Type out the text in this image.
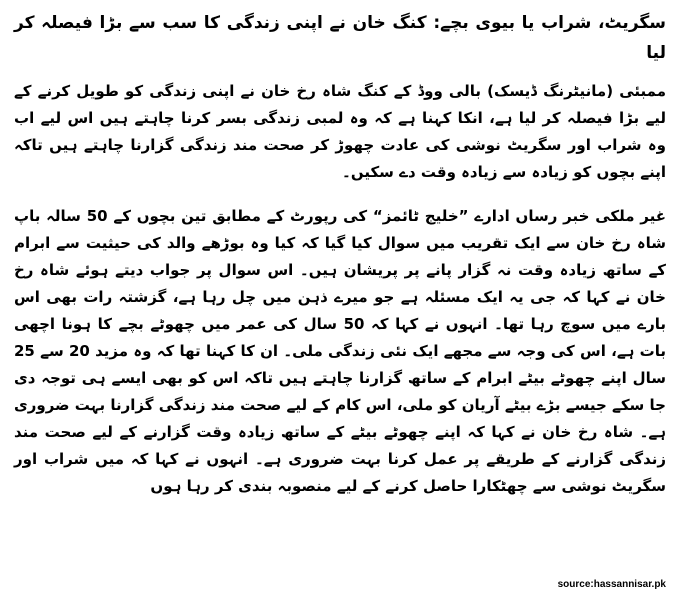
سگریٹ، شراب یا بیوی بچے: کنگ خان نے اپنی زندگی کا سب سے بڑا فیصلہ کر لیا

ممبئی (مانیٹرنگ ڈیسک) بالی ووڈ کے کنگ شاہ رخ خان نے اپنی زندگی کو طویل کرنے کے لیے بڑا فیصلہ کر لیا ہے، انکا کہنا ہے کہ وہ لمبی زندگی بسر کرنا چاہتے ہیں اس لیے اب وہ شراب اور سگریٹ نوشی کی عادت چھوڑ کر صحت مند زندگی گزارنا چاہتے ہیں تاکہ اپنے بچوں کو زیادہ سے زیادہ وقت دے سکیں۔

غیر ملکی خبر رساں ادارے ”خلیج ٹائمز“ کی رپورٹ کے مطابق تین بچوں کے 50 سالہ باپ شاہ رخ خان سے ایک تقریب میں سوال کیا گیا کہ کیا وہ بوڑھے والد کی حیثیت سے ابرام کے ساتھ زیادہ وقت نہ گزار پانے پر پریشان ہیں۔ اس سوال پر جواب دیتے ہوئے شاہ رخ خان نے کہا کہ جی یہ ایک مسئلہ ہے جو میرے ذہن میں چل رہا ہے، گزشتہ رات بھی اس بارے میں سوچ رہا تھا۔ انہوں نے کہا کہ 50 سال کی عمر میں چھوٹے بچے کا ہونا اچھی بات ہے، اس کی وجہ سے مجھے ایک نئی زندگی ملی۔ ان کا کہنا تھا کہ وہ مزید 20 سے 25 سال اپنے چھوٹے بیٹے ابرام کے ساتھ گزارنا چاہتے ہیں تاکہ اس کو بھی ایسے ہی توجہ دی جا سکے جیسے بڑے بیٹے آریان کو ملی، اس کام کے لیے صحت مند زندگی گزارنا بہت ضروری ہے۔ شاہ رخ خان نے کہا کہ اپنے چھوٹے بیٹے کے ساتھ زیادہ وقت گزارنے کے لیے صحت مند زندگی گزارنے کے طریقے پر عمل کرنا بہت ضروری ہے۔ انہوں نے کہا کہ میں شراب اور سگریٹ نوشی سے چھٹکارا حاصل کرنے کے لیے منصوبہ بندی کر رہا ہوں

source:hassannisar.pk
